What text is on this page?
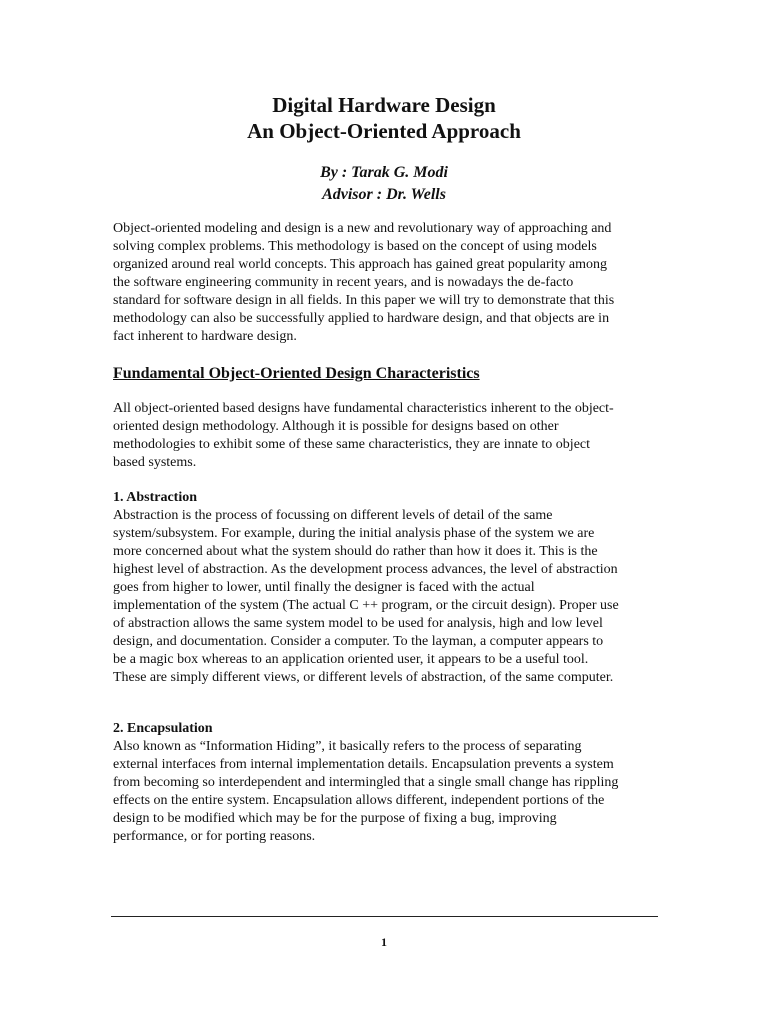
Digital Hardware Design

An Object-Oriented Approach

By : Tarak G. Modi

Advisor : Dr. Wells

Object-oriented modeling and design is a new and revolutionary way of approaching and
solving complex problems. This methodology is based on the concept of using models
organized around real world concepts. This approach has gained great popularity among
the software engineering community in recent years, and is nowadays the de-facto
standard for software design in all fields. In this paper we will try to demonstrate that this
methodology can also be successfully applied to hardware design, and that objects are in
fact inherent to hardware design.
Fundamental Object-Oriented Design Characteristics
All object-oriented based designs have fundamental characteristics inherent to the object-
oriented design methodology. Although it is possible for designs based on other
methodologies to exhibit some of these same characteristics, they are innate to object
based systems.
1. Abstraction
Abstraction is the process of focussing on different levels of detail of the same
system/subsystem. For example, during the initial analysis phase of the system we are
more concerned about what the system should do rather than how it does it. This is the
highest level of abstraction. As the development process advances, the level of abstraction
goes from higher to lower, until finally the designer is faced with the actual
implementation of the system (The actual C ++ program, or the circuit design). Proper use
of abstraction allows the same system model to be used for analysis, high and low level
design, and documentation. Consider a computer. To the layman, a computer appears to
be a magic box whereas to an application oriented user, it appears to be a useful tool.
These are simply different views, or different levels of abstraction, of the same computer.
2. Encapsulation
Also known as “Information Hiding”, it basically refers to the process of separating
external interfaces from internal implementation details. Encapsulation prevents a system
from becoming so interdependent and intermingled that a single small change has rippling
effects on the entire system. Encapsulation allows different, independent portions of the
design to be modified which may be for the purpose of fixing a bug, improving
performance, or for porting reasons.
1
